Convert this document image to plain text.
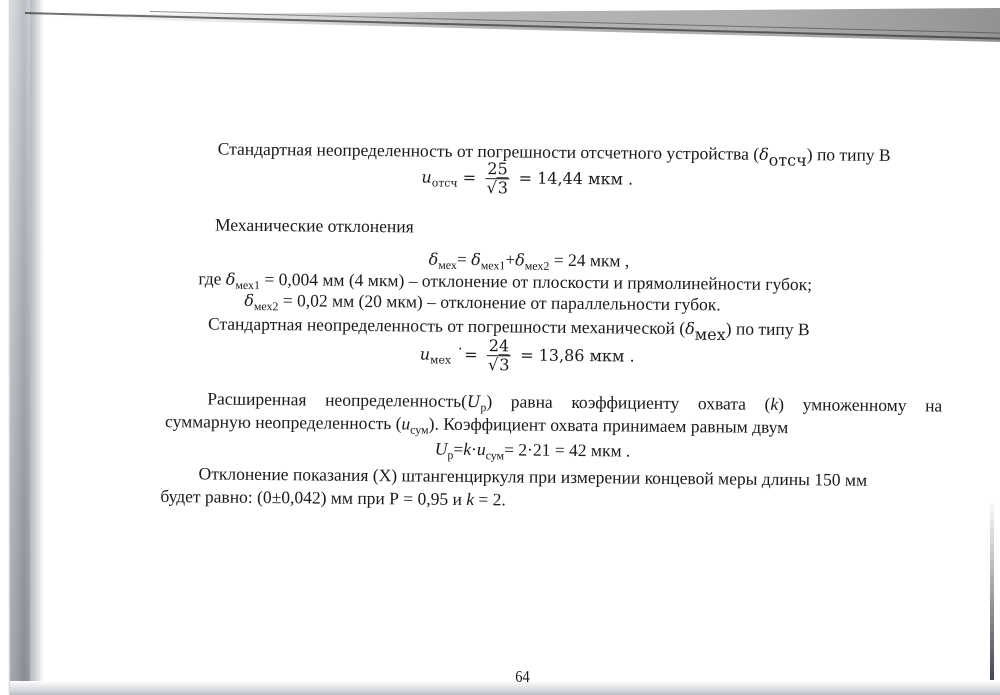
Стандартная неопределенность от погрешности отсчетного устройства $(\delta_{отсч})$ по типу В
$u_{отсч} = \frac{25}{√3} = 14,44$ мкм .
Механические отклонения
$\delta_{мех}= \delta_{мех1}+\delta_{мех2} = 24$ мкм ,
где $\delta_{мех1} = 0,004$ мм (4 мкм) – отклонение от плоскости и прямолинейности губок;
$\delta_{мех2} = 0,02$ мм (20 мкм) – отклонение от параллельности губок.
Стандартная неопределенность от погрешности механической $(\delta_{мех})$ по типу В
$u_{мех}$ ˙= $\frac{24}{√3} = 13,86$ мкм .
Расширенная $неопределенность(U_р)$ равна коэффициенту охвата (k) умноженному на
суммарную неопределенность $(u_{сум})$. Коэффициент охвата принимаем равным двум
$U_р=k\cdot u_{сум}= 2\cdot 21 = 42$ мкм .
Отклонение показания (X) штангенциркуля при измерении концевой меры длины 150 мм
будет равно: (0±0,042) мм при Р = 0,95 и k = 2.
64
